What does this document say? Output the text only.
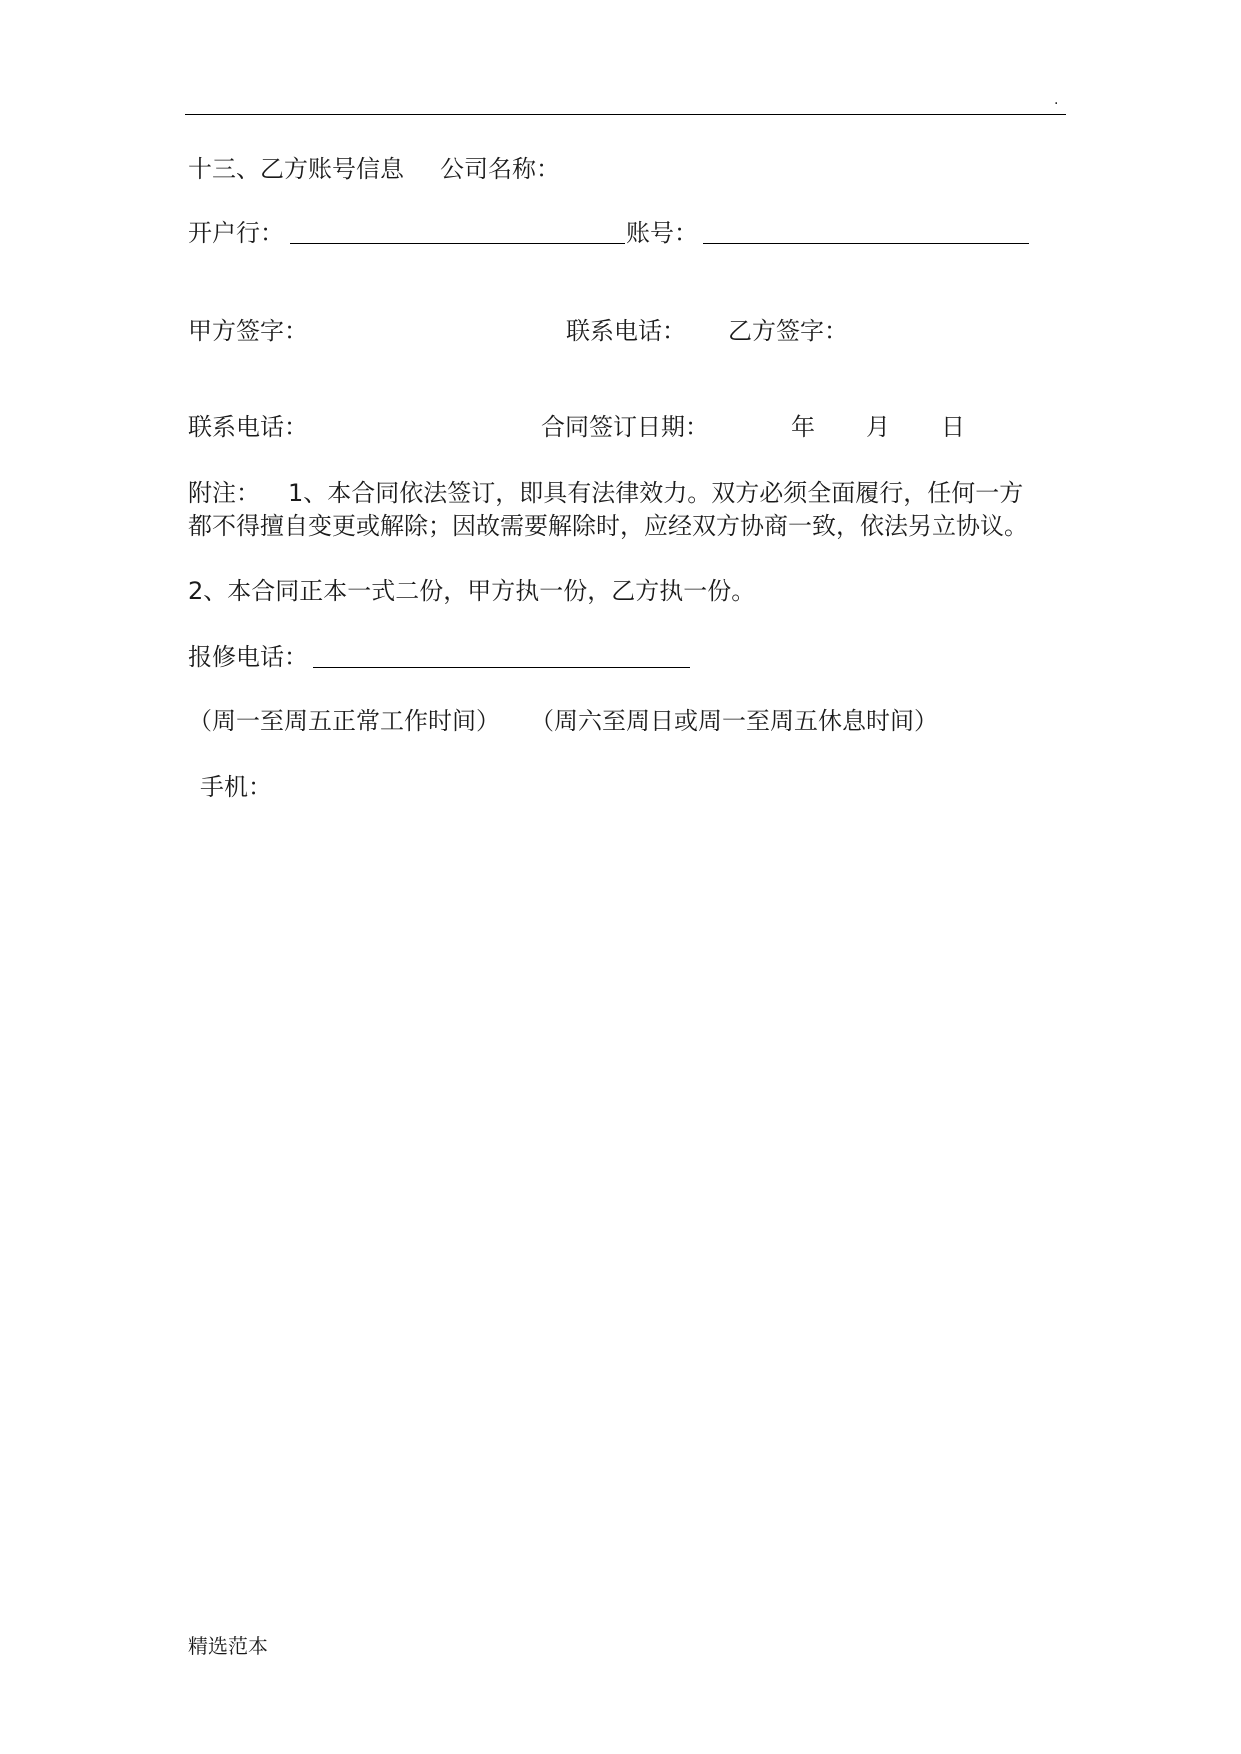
.
十三、乙方账号信息 公司名称：
开户行：	账号：
甲方签字：	联系电话： 乙方签字：
联系电话：	合同签订日期：	年 月 日
附注： 1、本合同依法签订，即具有法律效力。双方必须全面履行，任何一方
都不得擅自变更或解除；因故需要解除时，应经双方协商一致，依法另立协议。
2、本合同正本一式二份，甲方执一份，乙方执一份。
报修电话：
（周一至周五正常工作时间） （周六至周日或周一至周五休息时间）
手机：
精选范本
